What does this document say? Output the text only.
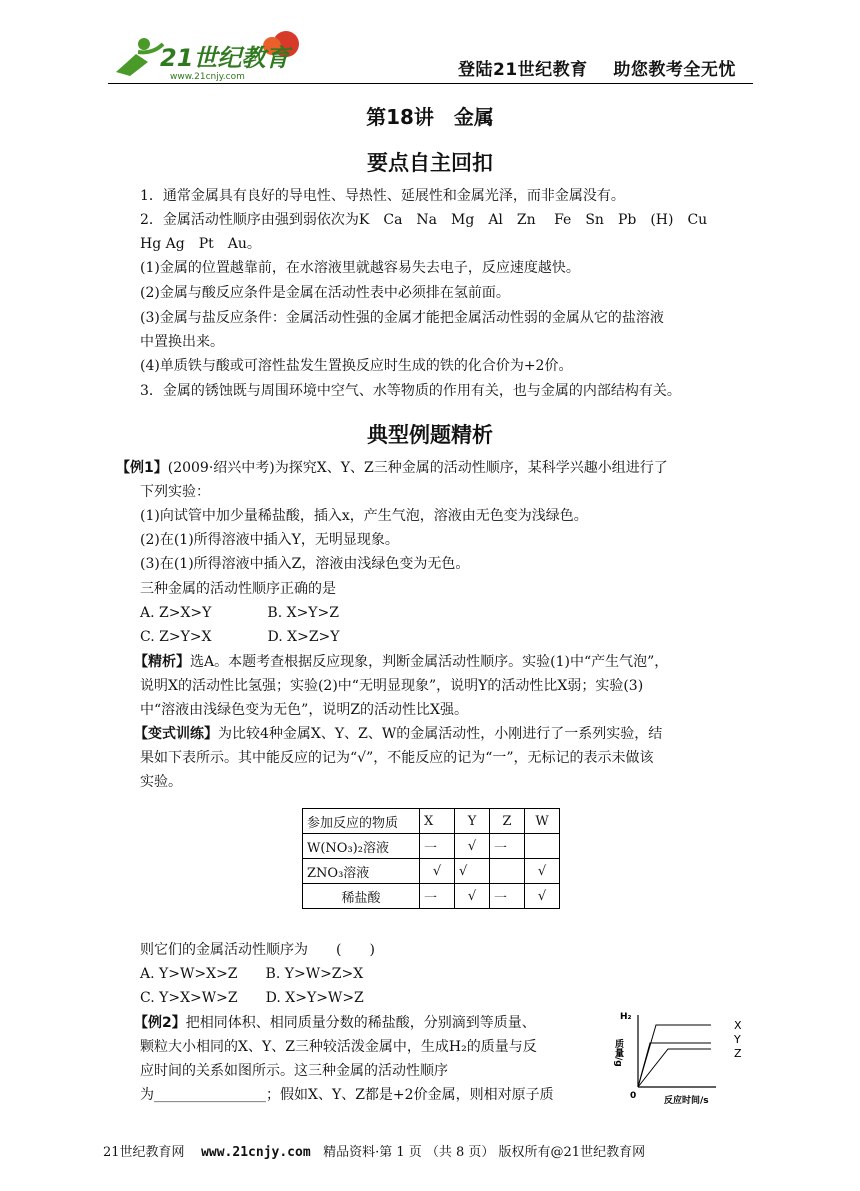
21世纪教育
www.21cnjy.com	登陆21世纪教育    助您教考全无忧
第18讲　金属
要点自主回扣
1．通常金属具有良好的导电性、导热性、延展性和金属光泽，而非金属没有。
2．金属活动性顺序由强到弱依次为K　Ca　Na　Mg　Al　Zn　 Fe　Sn　Pb　(H)　Cu
Hg Ag　Pt　Au。
(1)金属的位置越靠前，在水溶液里就越容易失去电子，反应速度越快。
(2)金属与酸反应条件是金属在活动性表中必须排在氢前面。
(3)金属与盐反应条件：金属活动性强的金属才能把金属活动性弱的金属从它的盐溶液
中置换出来。
(4)单质铁与酸或可溶性盐发生置换反应时生成的铁的化合价为+2价。
3．金属的锈蚀既与周围环境中空气、水等物质的作用有关，也与金属的内部结构有关。
典型例题精析
【例1】(2009·绍兴中考)为探究X、Y、Z三种金属的活动性顺序，某科学兴趣小组进行了
下列实验：
(1)向试管中加少量稀盐酸，插入x，产生气泡，溶液由无色变为浅绿色。
(2)在(1)所得溶液中插入Y，无明显现象。
(3)在(1)所得溶液中插入Z，溶液由浅绿色变为无色。
三种金属的活动性顺序正确的是
A. Z>X>Y　　　　B. X>Y>Z
C. Z>Y>X　　　　D. X>Z>Y
【精析】选A。本题考查根据反应现象，判断金属活动性顺序。实验(1)中“产生气泡”，
说明X的活动性比氢强；实验(2)中“无明显现象”，说明Y的活动性比X弱；实验(3)
中“溶液由浅绿色变为无色”，说明Z的活动性比X强。
【变式训练】为比较4种金属X、Y、Z、W的金属活动性，小刚进行了一系列实验，结
果如下表所示。其中能反应的记为“√”，不能反应的记为“一”，无标记的表示未做该
实验。
参加反应的物质	X	Y	Z	W
W(NO₃)₂溶液	一	√	一	
ZNO₃溶液	√	√		√
稀盐酸	一	√	一	√
则它们的金属活动性顺序为　　(　　)
A. Y>W>X>Z　　B. Y>W>Z>X
C. Y>X>W>Z　　D. X>Y>W>Z
【例2】把相同体积、相同质量分数的稀盐酸，分别滴到等质量、
颗粒大小相同的X、Y、Z三种较活泼金属中，生成H₂的质量与反
应时间的关系如图所示。这三种金属的活动性顺序
为________________；假如X、Y、Z都是+2价金属，则相对原子质
H₂
质量/g
0	反应时间/s
X
Y
Z
21世纪教育网 www.21cnjy.com 精品资料·第 1 页 （共 8 页） 版权所有@21世纪教育网
